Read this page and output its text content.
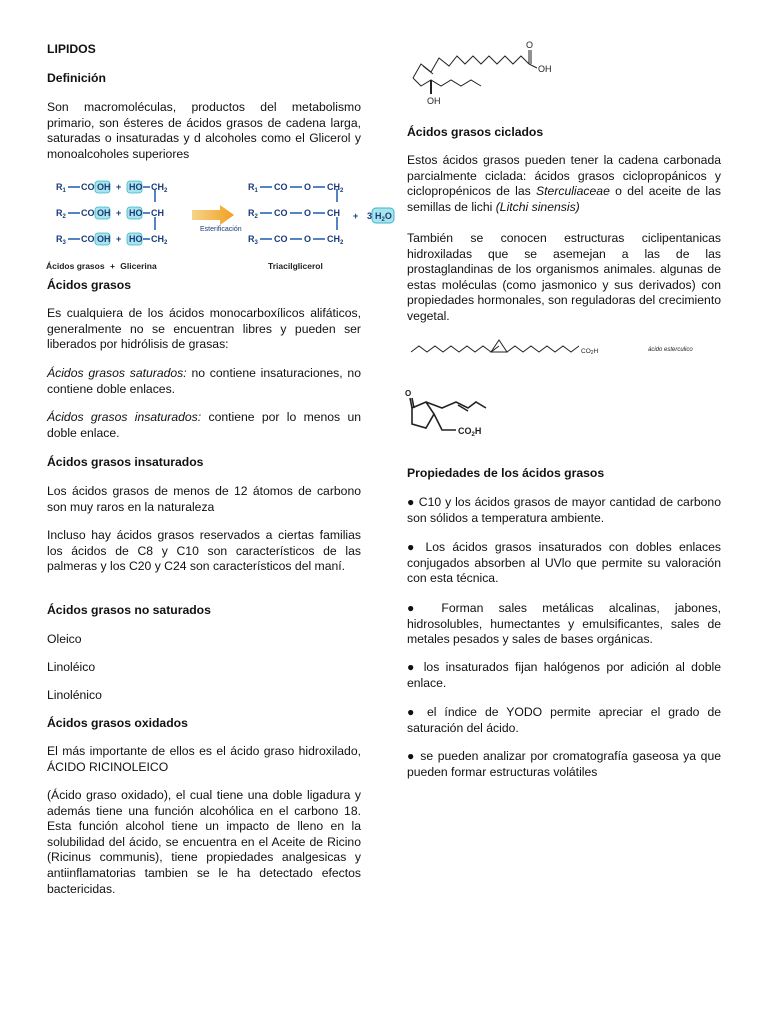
LIPIDOS

Definición

Son macromoléculas, productos del metabolismo primario, son ésteres de ácidos grasos de cadena larga, saturadas o insaturadas y d alcoholes como el Glicerol y monoalcoholes superiores

$R_1$ CO OH + HO $CH_2$	$R_1$ CO O $CH_2$
$R_2$ CO OH + HO CH	$R_2$ CO O CH
$R_3$ CO OH + HO $CH_2$	$R_3$ CO O $CH_2$
Esterificación
3 $H_2O$
+
Ácidos grasos + Glicerina	Triacilglicerol

Ácidos grasos

Es cualquiera de los ácidos monocarboxílicos alifáticos, generalmente no se encuentran libres y pueden ser liberados por hidrólisis de grasas:

Ácidos grasos saturados: no contiene insaturaciones, no contiene doble enlaces.

Ácidos grasos insaturados: contiene por lo menos un doble enlace.

Ácidos grasos insaturados

Los ácidos grasos de menos de 12 átomos de carbono son muy raros en la naturaleza

Incluso hay ácidos grasos reservados a ciertas familias los ácidos de C8 y C10 son característicos de las palmeras y los C20 y C24 son característicos del maní.

Ácidos grasos no saturados

Oleico

Linoléico

Linolénico

Ácidos grasos oxidados

El más importante de ellos es el ácido graso hidroxilado, ÁCIDO RICINOLEICO

(Ácido graso oxidado), el cual tiene una doble ligadura y además tiene una función alcohólica en el carbono 18. Esta función alcohol tiene un impacto de lleno en la solubilidad del ácido, se encuentra en el Aceite de Ricino (Ricinus communis), tiene propiedades analgesicas y antiinflamatorias tambien se le ha detectado efectos bactericidas.

O
OH
OH

Ácidos grasos ciclados

Estos ácidos grasos pueden tener la cadena carbonada parcialmente ciclada: ácidos grasos ciclopropánicos y ciclopropénicos de las Sterculiaceae o del aceite de las semillas de lichi (Litchi sinensis)

También se conocen estructuras ciclipentanicas hidroxiladas que se asemejan a las de las prostaglandinas de los organismos animales. algunas de estas moléculas (como jasmonico y sus derivados) con propiedades hormonales, son reguladoras del crecimiento vegetal.

CO2H	ácido esterculico
O
$CO_2H$

Propiedades de los ácidos grasos

● C10 y los ácidos grasos de mayor cantidad de carbono son sólidos a temperatura ambiente.

● Los ácidos grasos insaturados con dobles enlaces conjugados absorben al UVlo que permite su valoración con esta técnica.

● Forman sales metálicas alcalinas, jabones, hidrosolubles, humectantes y emulsificantes, sales de metales pesados y sales de bases orgánicas.

● los insaturados fijan halógenos por adición al doble enlace.

● el índice de YODO permite apreciar el grado de saturación del ácido.

● se pueden analizar por cromatografía gaseosa ya que pueden formar estructuras volátiles
